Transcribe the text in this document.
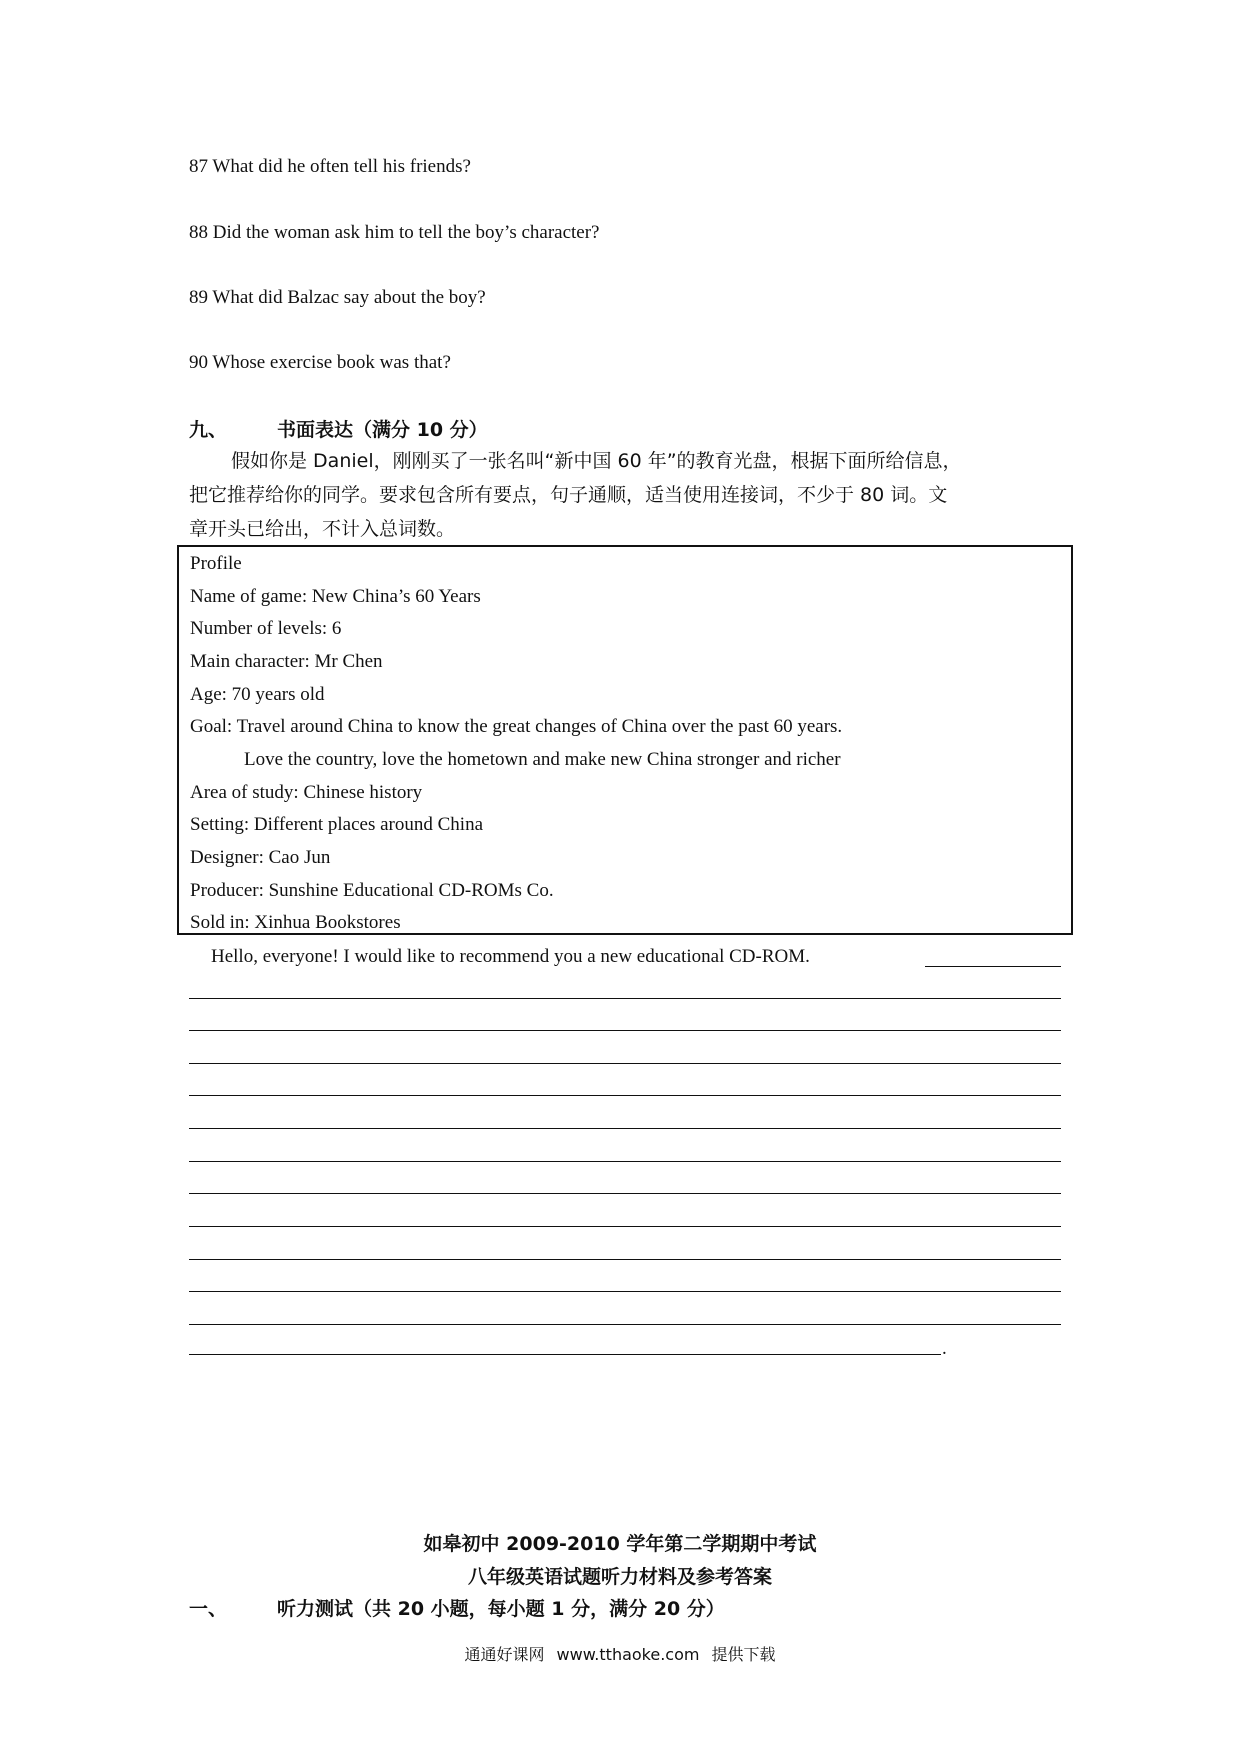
87 What did he often tell his friends?
88 Did the woman ask him to tell the boy’s character?
89 What did Balzac say about the boy?
90 Whose exercise book was that?
九、	书面表达（满分 10 分）

假如你是 Daniel，刚刚买了一张名叫“新中国 60 年”的教育光盘，根据下面所给信息，

把它推荐给你的同学。要求包含所有要点，句子通顺，适当使用连接词，不少于 80 词。文

章开头已给出，不计入总词数。

Profile
Name of game: New China’s 60 Years
Number of levels: 6
Main character: Mr Chen
Age: 70 years old
Goal: Travel around China to know the great changes of China over the past 60 years.
Love the country, love the hometown and make new China stronger and richer
Area of study: Chinese history
Setting: Different places around China
Designer: Cao Jun
Producer: Sunshine Educational CD-ROMs Co.
Sold in: Xinhua Bookstores
Hello, everyone! I would like to recommend you a new educational CD-ROM.
.
如皋初中 2009-2010 学年第二学期期中考试
八年级英语试题听力材料及参考答案
一、	听力测试（共 20 小题，每小题 1 分，满分 20 分）
通通好课网 www.tthaoke.com 提供下载
